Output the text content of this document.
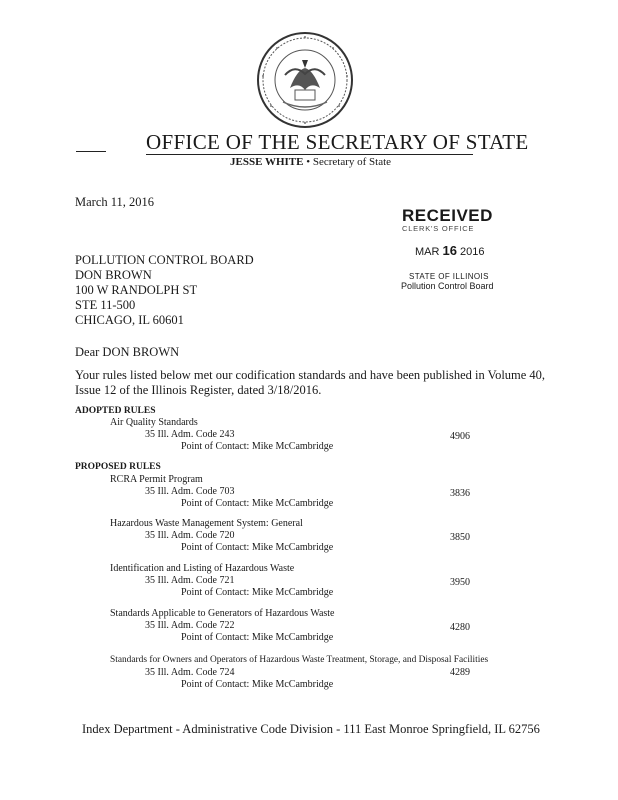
OFFICE OF THE SECRETARY OF STATE
JESSE WHITE • Secretary of State
March 11, 2016
RECEIVED
CLERK'S OFFICE
MAR 16 2016
STATE OF ILLINOIS
Pollution Control Board
POLLUTION CONTROL BOARD
DON BROWN
100 W RANDOLPH ST
STE 11-500
CHICAGO, IL 60601
Dear DON BROWN
Your rules listed below met our codification standards and have been published in Volume 40,
Issue 12 of the Illinois Register, dated 3/18/2016.
ADOPTED RULES
Air Quality Standards
35 Ill. Adm. Code 243	4906
Point of Contact: Mike McCambridge
PROPOSED RULES
RCRA Permit Program
35 Ill. Adm. Code 703	3836
Point of Contact: Mike McCambridge
Hazardous Waste Management System: General
35 Ill. Adm. Code 720	3850
Point of Contact: Mike McCambridge
Identification and Listing of Hazardous Waste
35 Ill. Adm. Code 721	3950
Point of Contact: Mike McCambridge
Standards Applicable to Generators of Hazardous Waste
35 Ill. Adm. Code 722	4280
Point of Contact: Mike McCambridge
Standards for Owners and Operators of Hazardous Waste Treatment, Storage, and Disposal Facilities
35 Ill. Adm. Code 724	4289
Point of Contact: Mike McCambridge
Index Department - Administrative Code Division - 111 East Monroe Springfield, IL 62756
